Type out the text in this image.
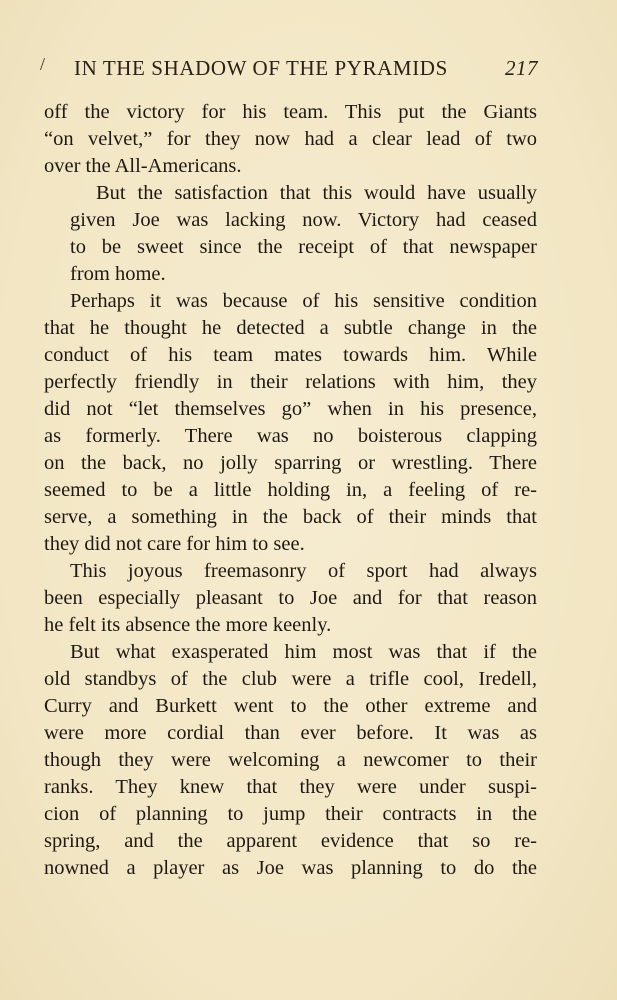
/ IN THE SHADOW OF THE PYRAMIDS	217
off the victory for his team. This put the Giants
“on velvet,” for they now had a clear lead of two
over the All-Americans.
But the satisfaction that this would have usually
given Joe was lacking now. Victory had ceased
to be sweet since the receipt of that newspaper
from home.
Perhaps it was because of his sensitive condition
that he thought he detected a subtle change in the
conduct of his team mates towards him. While
perfectly friendly in their relations with him, they
did not “let themselves go” when in his presence,
as formerly. There was no boisterous clapping
on the back, no jolly sparring or wrestling. There
seemed to be a little holding in, a feeling of re-
serve, a something in the back of their minds that
they did not care for him to see.
This joyous freemasonry of sport had always
been especially pleasant to Joe and for that reason
he felt its absence the more keenly.
But what exasperated him most was that if the
old standbys of the club were a trifle cool, Iredell,
Curry and Burkett went to the other extreme and
were more cordial than ever before. It was as
though they were welcoming a newcomer to their
ranks. They knew that they were under suspi-
cion of planning to jump their contracts in the
spring, and the apparent evidence that so re-
nowned a player as Joe was planning to do the
